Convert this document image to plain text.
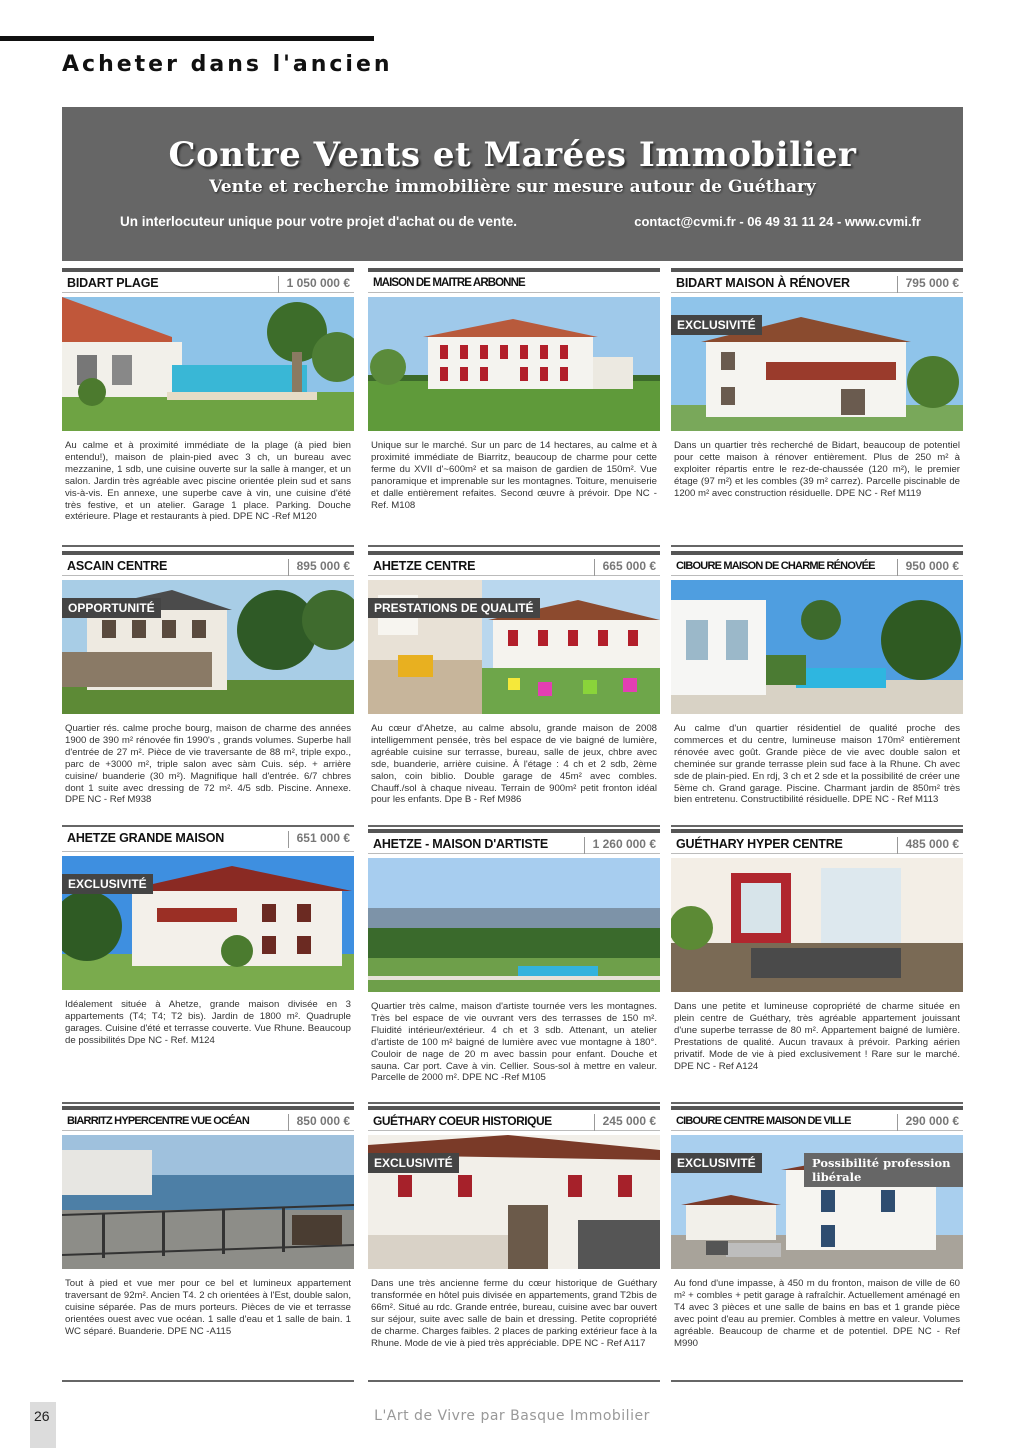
Acheter dans l'ancien
Contre Vents et Marées Immobilier
Vente et recherche immobilière sur mesure autour de Guéthary
Un interlocuteur unique pour votre projet d'achat ou de vente.	contact@cvmi.fr - 06 49 31 11 24 - www.cvmi.fr
BIDART PLAGE	1 050 000 €
Au calme et à proximité immédiate de la plage (à pied bien entendu!), maison de plain-pied avec 3 ch, un bureau avec mezzanine, 1 sdb, une cuisine ouverte sur la salle à manger, et un salon. Jardin très agréable avec piscine orientée plein sud et sans vis-à-vis. En annexe, une superbe cave à vin, une cuisine d'été très festive, et un atelier. Garage 1 place. Parking. Douche extérieure. Plage et restaurants à pied. DPE NC -Ref M120
MAISON DE MAITRE ARBONNE
Unique sur le marché. Sur un parc de 14 hectares, au calme et à proximité immédiate de Biarritz, beaucoup de charme pour cette ferme du XVII d'~600m² et sa maison de gardien de 150m². Vue panoramique et imprenable sur les montagnes. Toiture, menuiserie et dalle entièrement refaites. Second œuvre à prévoir. Dpe NC - Ref. M108
BIDART MAISON À RÉNOVER	795 000 €
EXCLUSIVITÉ
Dans un quartier très recherché de Bidart, beaucoup de potentiel pour cette maison à rénover entièrement. Plus de 250 m² à exploiter répartis entre le rez-de-chaussée (120 m²), le premier étage (97 m²) et les combles (39 m² carrez). Parcelle piscinable de 1200 m² avec construction résiduelle. DPE NC - Ref M119
ASCAIN CENTRE	895 000 €
OPPORTUNITÉ
Quartier rés. calme proche bourg, maison de charme des années 1900 de 390 m² rénovée fin 1990's , grands volumes. Superbe hall d'entrée de 27 m². Pièce de vie traversante de 88 m², triple expo., parc de +3000 m², triple salon avec sàm Cuis. sép. + arrière cuisine/ buanderie (30 m²). Magnifique hall d'entrée. 6/7 chbres dont 1 suite avec dressing de 72 m². 4/5 sdb. Piscine. Annexe. DPE NC - Ref M938
AHETZE CENTRE	665 000 €
PRESTATIONS DE QUALITÉ
Au cœur d'Ahetze, au calme absolu, grande maison de 2008 intelligemment pensée, très bel espace de vie baigné de lumière, agréable cuisine sur terrasse, bureau, salle de jeux, chbre avec sde, buanderie, arrière cuisine. À l'étage : 4 ch et 2 sdb, 2ème salon, coin biblio. Double garage de 45m² avec combles. Chauff./sol à chaque niveau. Terrain de 900m² petit fronton idéal pour les enfants. Dpe B - Ref M986
CIBOURE MAISON DE CHARME RÉNOVÉE	950 000 €
Au calme d'un quartier résidentiel de qualité proche des commerces et du centre, lumineuse maison 170m² entièrement rénovée avec goût. Grande pièce de vie avec double salon et cheminée sur grande terrasse plein sud face à la Rhune. Ch avec sde de plain-pied. En rdj, 3 ch et 2 sde et la possibilité de créer une 5ème ch. Grand garage. Piscine. Charmant jardin de 850m² très bien entretenu. Constructibilité résiduelle. DPE NC - Ref M113
AHETZE GRANDE MAISON	651 000 €
EXCLUSIVITÉ
Idéalement située à Ahetze, grande maison divisée en 3 appartements (T4; T4; T2 bis). Jardin de 1800 m². Quadruple garages. Cuisine d'été et terrasse couverte. Vue Rhune. Beaucoup de possibilités Dpe NC - Ref. M124
AHETZE - MAISON D'ARTISTE	1 260 000 €
Quartier très calme, maison d'artiste tournée vers les montagnes. Très bel espace de vie ouvrant vers des terrasses de 150 m². Fluidité intérieur/extérieur. 4 ch et 3 sdb. Attenant, un atelier d'artiste de 100 m² baigné de lumière avec vue montagne à 180°. Couloir de nage de 20 m avec bassin pour enfant. Douche et sauna. Car port. Cave à vin. Cellier. Sous-sol à mettre en valeur. Parcelle de 2000 m². DPE NC -Ref M105
GUÉTHARY HYPER CENTRE	485 000 €
Dans une petite et lumineuse copropriété de charme située en plein centre de Guéthary, très agréable appartement jouissant d'une superbe terrasse de 80 m². Appartement baigné de lumière. Prestations de qualité. Aucun travaux à prévoir. Parking aérien privatif. Mode de vie à pied exclusivement ! Rare sur le marché. DPE NC - Ref A124
BIARRITZ HYPERCENTRE VUE OCÉAN	850 000 €
Tout à pied et vue mer pour ce bel et lumineux appartement traversant de 92m². Ancien T4. 2 ch orientées à l'Est, double salon, cuisine séparée. Pas de murs porteurs. Pièces de vie et terrasse orientées ouest avec vue océan. 1 salle d'eau et 1 salle de bain. 1 WC séparé. Buanderie. DPE NC -A115
GUÉTHARY COEUR HISTORIQUE	245 000 €
EXCLUSIVITÉ
Dans une très ancienne ferme du cœur historique de Guéthary transformée en hôtel puis divisée en appartements, grand T2bis de 66m². Situé au rdc. Grande entrée, bureau, cuisine avec bar ouvert sur séjour, suite avec salle de bain et dressing. Petite copropriété de charme. Charges faibles. 2 places de parking extérieur face à la Rhune. Mode de vie à pied très appréciable. DPE NC - Ref A117
CIBOURE CENTRE MAISON DE VILLE	290 000 €
EXCLUSIVITÉ	Possibilité profession libérale
Au fond d'une impasse, à 450 m du fronton, maison de ville de 60 m² + combles + petit garage à rafraîchir. Actuellement aménagé en T4 avec 3 pièces et une salle de bains en bas et 1 grande pièce avec point d'eau au premier. Combles à mettre en valeur. Volumes agréable. Beaucoup de charme et de potentiel. DPE NC - Ref M990
26	L'Art de Vivre par Basque Immobilier
